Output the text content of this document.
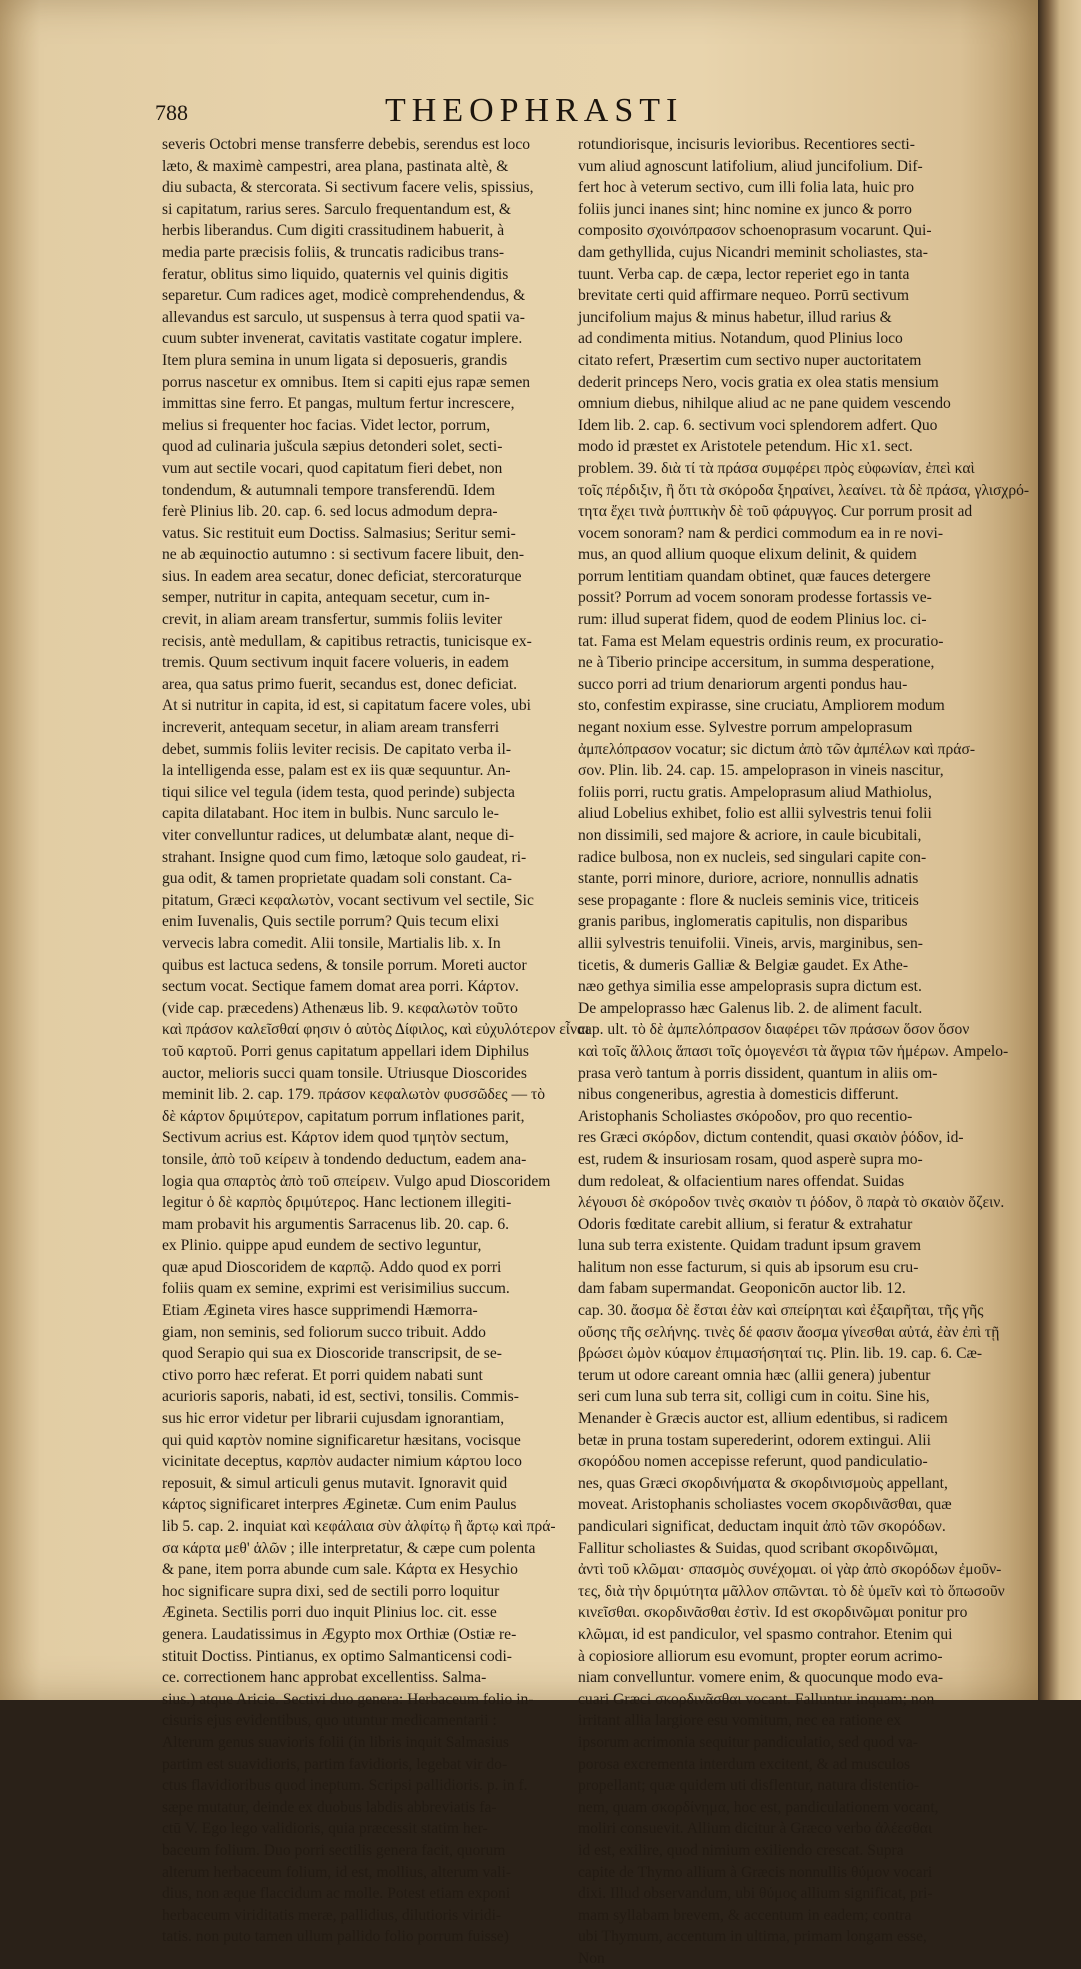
788	THEOPHRASTI
severis Octobri mense transferre debebis, serendus est loco
læto, & maximè campestri, area plana, pastinata altè, &
diu subacta, & stercorata. Si sectivum facere velis, spissius,
si capitatum, rarius seres. Sarculo frequentandum est, &
herbis liberandus. Cum digiti crassitudinem habuerit, à
media parte præcisis foliis, & truncatis radicibus trans-
feratur, oblitus simo liquido, quaternis vel quinis digitis
separetur. Cum radices aget, modicè comprehendendus, &
allevandus est sarculo, ut suspensus à terra quod spatii va-
cuum subter invenerat, cavitatis vastitate cogatur implere.
Item plura semina in unum ligata si deposueris, grandis
porrus nascetur ex omnibus. Item si capiti ejus rapæ semen
immittas sine ferro. Et pangas, multum fertur increscere,
melius si frequenter hoc facias. Videt lector, porrum,
quod ad culinaria jušcula sæpius detonderi solet, secti-
vum aut sectile vocari, quod capitatum fieri debet, non
tondendum, & autumnali tempore transferendū. Idem
ferè Plinius lib. 20. cap. 6. sed locus admodum depra-
vatus. Sic restituit eum Doctiss. Salmasius; Seritur semi-
ne ab æquinoctio autumno : si sectivum facere libuit, den-
sius. In eadem area secatur, donec deficiat, stercoraturque
semper, nutritur in capita, antequam secetur, cum in-
crevit, in aliam aream transfertur, summis foliis leviter
recisis, antè medullam, & capitibus retractis, tunicisque ex-
tremis. Quum sectivum inquit facere volueris, in eadem
area, qua satus primo fuerit, secandus est, donec deficiat.
At si nutritur in capita, id est, si capitatum facere voles, ubi
increverit, antequam secetur, in aliam aream transferri
debet, summis foliis leviter recisis. De capitato verba il-
la intelligenda esse, palam est ex iis quæ sequuntur. An-
tiqui silice vel tegula (idem testa, quod perinde) subjecta
capita dilatabant. Hoc item in bulbis. Nunc sarculo le-
viter convelluntur radices, ut delumbatæ alant, neque di-
strahant. Insigne quod cum fimo, lætoque solo gaudeat, ri-
gua odit, & tamen proprietate quadam soli constant. Ca-
pitatum, Græci κεφαλωτὸν, vocant sectivum vel sectile, Sic
enim Iuvenalis, Quis sectile porrum? Quis tecum elixi
vervecis labra comedit. Alii tonsile, Martialis lib. x. In
quibus est lactuca sedens, & tonsile porrum. Moreti auctor
sectum vocat. Sectique famem domat area porri. Κάρτον.
(vide cap. præcedens) Athenæus lib. 9. κεφαλωτὸν τοῦτο
καὶ πράσον καλεῖσθαί φησιν ὁ αὐτὸς Δίφιλος, καὶ εὐχυλότερον εἶναι
τοῦ καρτοῦ. Porri genus capitatum appellari idem Diphilus
auctor, melioris succi quam tonsile. Utriusque Dioscorides
meminit lib. 2. cap. 179. πράσον κεφαλωτὸν φυσσῶδες — τὸ
δὲ κάρτον δριμύτερον, capitatum porrum inflationes parit,
Sectivum acrius est. Κάρτον idem quod τμητὸν sectum,
tonsile, ἀπὸ τοῦ κείρειν à tondendo deductum, eadem ana-
logia qua σπαρτὸς ἀπὸ τοῦ σπείρειν. Vulgo apud Dioscoridem
legitur ὁ δὲ καρπὸς δριμύτερος. Hanc lectionem illegiti-
mam probavit his argumentis Sarracenus lib. 20. cap. 6.
ex Plinio. quippe apud eundem de sectivo leguntur,
quæ apud Dioscoridem de καρπῷ. Addo quod ex porri
foliis quam ex semine, exprimi est verisimilius succum.
Etiam Ægineta vires hasce supprimendi Hæmorra-
giam, non seminis, sed foliorum succo tribuit. Addo
quod Serapio qui sua ex Dioscoride transcripsit, de se-
ctivo porro hæc referat. Et porri quidem nabati sunt
acurioris saporis, nabati, id est, sectivi, tonsilis. Commis-
sus hic error videtur per librarii cujusdam ignorantiam,
qui quid καρτὸν nomine significaretur hæsitans, vocisque
vicinitate deceptus, καρπὸν audacter nimium κάρτου loco
reposuit, & simul articuli genus mutavit. Ignoravit quid
κάρτος significaret interpres Æginetæ. Cum enim Paulus
lib 5. cap. 2. inquiat καὶ κεφάλαια σὺν ἀλφίτῳ ἢ ἄρτῳ καὶ πρά-
σα κάρτα μεθ' ἁλῶν ; ille interpretatur, & cæpe cum polenta
& pane, item porra abunde cum sale. Κάρτα ex Hesychio
hoc significare supra dixi, sed de sectili porro loquitur
Ægineta. Sectilis porri duo inquit Plinius loc. cit. esse
genera. Laudatissimus in Ægypto mox Orthiæ (Ostiæ re-
stituit Doctiss. Pintianus, ex optimo Salmanticensi codi-
ce. correctionem hanc approbat excellentiss. Salma-
sius.) atque Aricie. Sectivi duo genera: Herbaceum folio in-
cisuris ejus evidentibus, quo utuntur medicamentarii :
Alterum genus suavioris folii (in libris inquit Salmasius
partim est suavidioris, partim favidioris, legebat vir do-
ctus flavidioribus quod ineptum. Scripsi pallidioris. p. in f.
sæpe mutatur, deinde ex duobus labdis abbreviatis fa-
ctū V. Ego lego validioris, quia præcessit statim her-
baceum folium. Duo porri sectilis genera facit, quorum
alterum herbaceum folium, id est, mollius, alterum vali-
dius, non æque flaccidum ac molle. Potest etiam exponi
herbaceum viriditatis meræ, pallidius, dilutioris viridi-
tatis. non puto tamen ullum pallido folio porrum fuisse)
rotundiorisque, incisuris levioribus. Recentiores secti-
vum aliud agnoscunt latifolium, aliud juncifolium. Dif-
fert hoc à veterum sectivo, cum illi folia lata, huic pro
foliis junci inanes sint; hinc nomine ex junco & porro
composito σχοινόπρασον schoenoprasum vocarunt. Qui-
dam gethyllida, cujus Nicandri meminit scholiastes, sta-
tuunt. Verba cap. de cæpa, lector reperiet ego in tanta
brevitate certi quid affirmare nequeo. Porrū sectivum
juncifolium majus & minus habetur, illud rarius &
ad condimenta mitius. Notandum, quod Plinius loco
citato refert, Præsertim cum sectivo nuper auctoritatem
dederit princeps Nero, vocis gratia ex olea statis mensium
omnium diebus, nihilque aliud ac ne pane quidem vescendo
Idem lib. 2. cap. 6. sectivum voci splendorem adfert. Quo
modo id præstet ex Aristotele petendum. Hic x1. sect.
problem. 39. διὰ τί τὰ πράσα συμφέρει πρὸς εὐφωνίαν, ἐπεὶ καὶ
τοῖς πέρδιξιν, ἢ ὅτι τὰ σκόροδα ξηραίνει, λεαίνει. τὰ δὲ πράσα, γλισχρό-
τητα ἔχει τινὰ ῥυπτικὴν δὲ τοῦ φάρυγγος. Cur porrum prosit ad
vocem sonoram? nam & perdici commodum ea in re novi-
mus, an quod allium quoque elixum delinit, & quidem
porrum lentitiam quandam obtinet, quæ fauces detergere
possit? Porrum ad vocem sonoram prodesse fortassis ve-
rum: illud superat fidem, quod de eodem Plinius loc. ci-
tat. Fama est Melam equestris ordinis reum, ex procuratio-
ne à Tiberio principe accersitum, in summa desperatione,
succo porri ad trium denariorum argenti pondus hau-
sto, confestim expirasse, sine cruciatu, Ampliorem modum
negant noxium esse. Sylvestre porrum ampeloprasum
ἀμπελόπρασον vocatur; sic dictum ἀπὸ τῶν ἀμπέλων καὶ πράσ-
σον. Plin. lib. 24. cap. 15. ampeloprason in vineis nascitur,
foliis porri, ructu gratis. Ampeloprasum aliud Mathiolus,
aliud Lobelius exhibet, folio est allii sylvestris tenui folii
non dissimili, sed majore & acriore, in caule bicubitali,
radice bulbosa, non ex nucleis, sed singulari capite con-
stante, porri minore, duriore, acriore, nonnullis adnatis
sese propagante : flore & nucleis seminis vice, triticeis
granis paribus, inglomeratis capitulis, non disparibus
allii sylvestris tenuifolii. Vineis, arvis, marginibus, sen-
ticetis, & dumeris Galliæ & Belgiæ gaudet. Ex Athe-
næo gethya similia esse ampeloprasis supra dictum est.
De ampeloprasso hæc Galenus lib. 2. de aliment facult.
cap. ult. τὸ δὲ ἀμπελόπρασον διαφέρει τῶν πράσων ὅσον ὅσον
καὶ τοῖς ἄλλοις ἅπασι τοῖς ὁμογενέσι τὰ ἄγρια τῶν ἡμέρων. Ampelo-
prasa verò tantum à porris dissident, quantum in aliis om-
nibus congeneribus, agrestia à domesticis differunt.
Aristophanis Scholiastes σκόροδον, pro quo recentio-
res Græci σκόρδον, dictum contendit, quasi σκαιὸν ῥόδον, id-
est, rudem & insuriosam rosam, quod asperè supra mo-
dum redoleat, & olfacientium nares offendat. Suidas
λέγουσι δὲ σκόροδον τινὲς σκαιὸν τι ῥόδον, ὃ παρὰ τὸ σκαιὸν ὄζειν.
Odoris fœditate carebit allium, si feratur & extrahatur
luna sub terra existente. Quidam tradunt ipsum gravem
halitum non esse facturum, si quis ab ipsorum esu cru-
dam fabam supermandat. Geoponicōn auctor lib. 12.
cap. 30. ἄοσμα δὲ ἔσται ἐὰν καὶ σπείρηται καὶ ἐξαιρῆται, τῆς γῆς
οὔσης τῆς σελήνης. τινὲς δέ φασιν ἄοσμα γίνεσθαι αὐτά, ἐὰν ἐπὶ τῇ
βρώσει ὠμὸν κύαμον ἐπιμασήσηταί τις. Plin. lib. 19. cap. 6. Cæ-
terum ut odore careant omnia hæc (allii genera) jubentur
seri cum luna sub terra sit, colligi cum in coitu. Sine his,
Menander è Græcis auctor est, allium edentibus, si radicem
betæ in pruna tostam superederint, odorem extingui. Alii
σκορόδου nomen accepisse referunt, quod pandiculatio-
nes, quas Græci σκορδινήματα & σκορδινισμοὺς appellant,
moveat. Aristophanis scholiastes vocem σκορδινᾶσθαι, quæ
pandiculari significat, deductam inquit ἀπὸ τῶν σκορόδων.
Fallitur scholiastes & Suidas, quod scribant σκορδινῶμαι,
ἀντὶ τοῦ κλῶμαι· σπασμὸς συνέχομαι. οἱ γὰρ ἀπὸ σκορόδων ἐμοῦν-
τες, διὰ τὴν δριμύτητα μᾶλλον σπῶνται. τὸ δὲ ὑμεῖν καὶ τὸ ὅπωσοῦν
κινεῖσθαι. σκορδινᾶσθαι ἐστὶν. Id est σκορδινῶμαι ponitur pro
κλῶμαι, id est pandiculor, vel spasmo contrahor. Etenim qui
à copiosiore alliorum esu evomunt, propter eorum acrimo-
niam convelluntur. vomere enim, & quocunque modo eva-
cuari Græci σκορδινᾶσθαι vocant. Falluntur inquam; non
irritant allia largiore esu vomitum, nec ea ratione ex
ipsorum acrimonia sequitur pandiculatio, sed quod va-
porosa excrementa interdum excitent, & ad musculos
propellant; quæ quidem uti disflentur, natura distentio-
nem, quam σκορδίνημα, hoc est, pandiculationem vocant,
moliri consuevit. Allium dicitur à Græco verbo ἀλέεσθαι
id est, exilire, quod nimium exiliendo crescat. Supra
capite de Thymo allium à Græcis nonnullis θύμον vocari
dixi. Illud observandum, ubi θύμος allium significat, pri-
mam syllabam brevem, & accentum in eadem; contra
ubi Thymum, accentum in ultima, primam longam esse,
Non
